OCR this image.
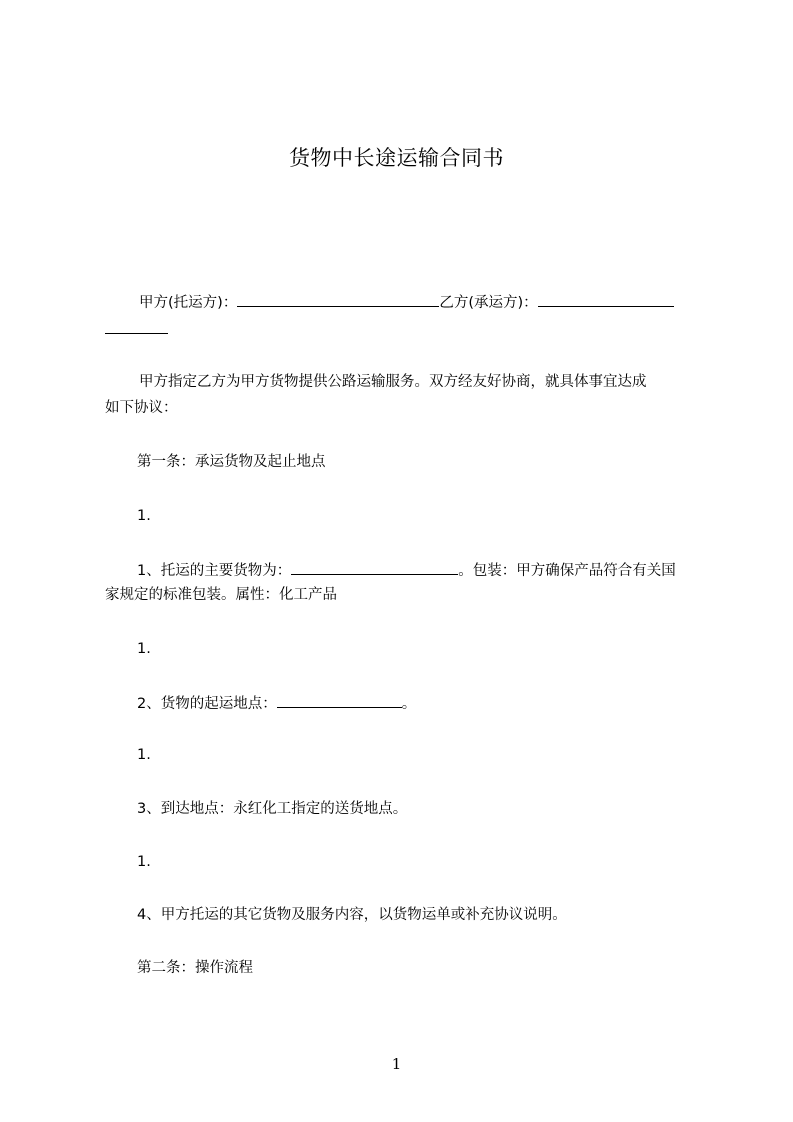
货物中长途运输合同书
甲方(托运方)：	乙方(承运方)：
甲方指定乙方为甲方货物提供公路运输服务。双方经友好协商，就具体事宜达成
如下协议：
第一条：承运货物及起止地点
1.
1、托运的主要货物为：	。包装：甲方确保产品符合有关国
家规定的标准包装。属性：化工产品
1.
2、货物的起运地点：	。
1.
3、到达地点：永红化工指定的送货地点。
1.
4、甲方托运的其它货物及服务内容，以货物运单或补充协议说明。
第二条：操作流程
1
